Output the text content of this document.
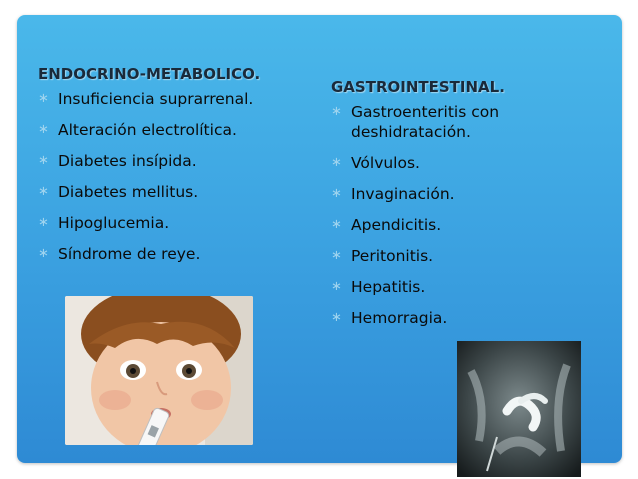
ENDOCRINO-METABOLICO.
∗ Insuficiencia suprarrenal.
∗ Alteración electrolítica.
∗ Diabetes insípida.
∗ Diabetes mellitus.
∗ Hipoglucemia.
∗ Síndrome de reye.
GASTROINTESTINAL.
∗ Gastroenteritis con deshidratación.
∗ Vólvulos.
∗ Invaginación.
∗ Apendicitis.
∗ Peritonitis.
∗ Hepatitis.
∗ Hemorragia.
